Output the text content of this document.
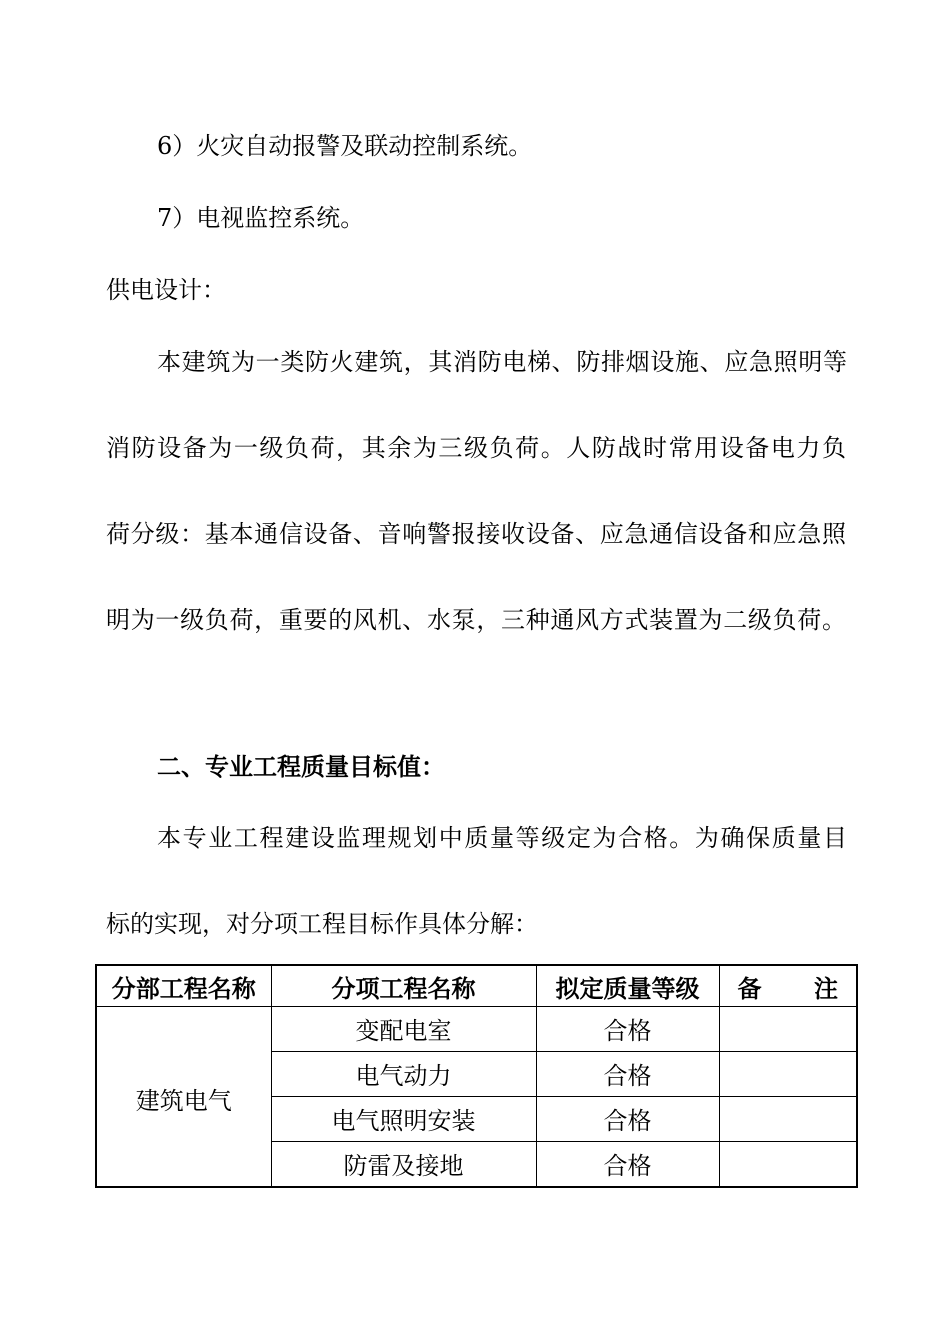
6）火灾自动报警及联动控制系统。

7）电视监控系统。

供电设计：

本建筑为一类防火建筑，其消防电梯、防排烟设施、应急照明等

消防设备为一级负荷，其余为三级负荷。人防战时常用设备电力负

荷分级：基本通信设备、音响警报接收设备、应急通信设备和应急照

明为一级负荷，重要的风机、水泵，三种通风方式装置为二级负荷。

二、专业工程质量目标值：

本专业工程建设监理规划中质量等级定为合格。为确保质量目

标的实现，对分项工程目标作具体分解：

分部工程名称	分项工程名称	拟定质量等级	备 注

建筑电气	变配电室	合格	
	电气动力	合格	
	电气照明安装	合格	
	防雷及接地	合格	
